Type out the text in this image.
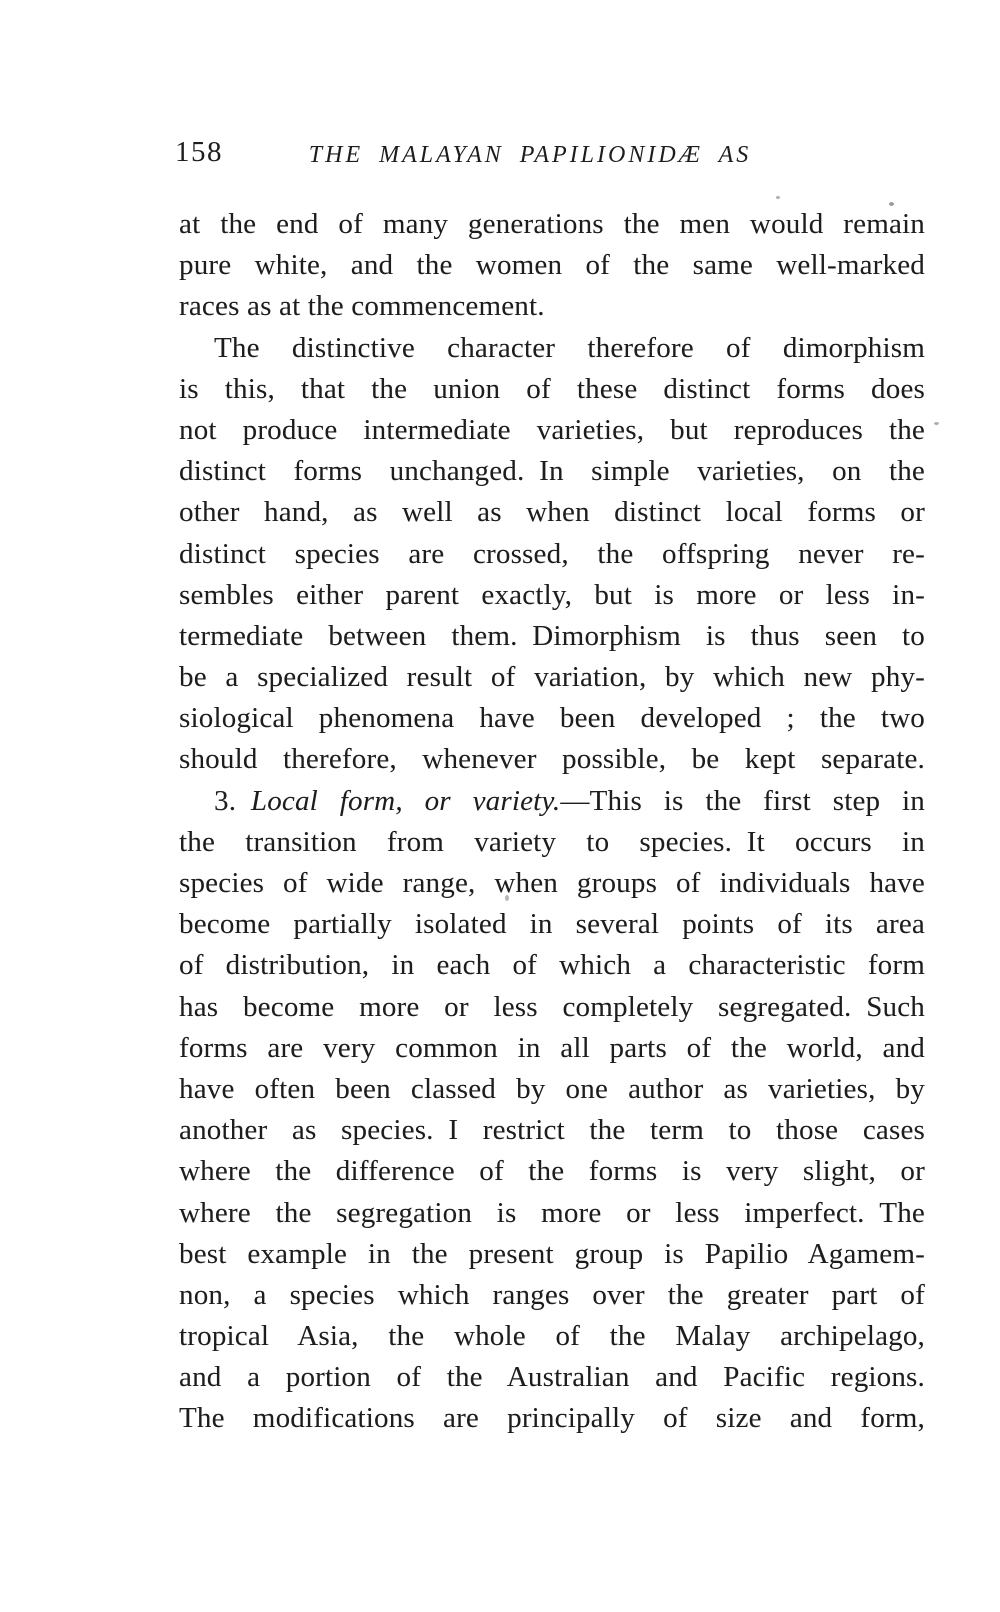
158	THE MALAYAN PAPILIONIDÆ AS
at the end of many generations the men would remain
pure white, and the women of the same well-marked
races as at the commencement.
The distinctive character therefore of dimorphism
is this, that the union of these distinct forms does
not produce intermediate varieties, but reproduces the
distinct forms unchanged. In simple varieties, on the
other hand, as well as when distinct local forms or
distinct species are crossed, the offspring never re-
sembles either parent exactly, but is more or less in-
termediate between them. Dimorphism is thus seen to
be a specialized result of variation, by which new phy-
siological phenomena have been developed ; the two
should therefore, whenever possible, be kept separate.
3. Local form, or variety.—This is the first step in
the transition from variety to species. It occurs in
species of wide range, when groups of individuals have
become partially isolated in several points of its area
of distribution, in each of which a characteristic form
has become more or less completely segregated. Such
forms are very common in all parts of the world, and
have often been classed by one author as varieties, by
another as species. I restrict the term to those cases
where the difference of the forms is very slight, or
where the segregation is more or less imperfect. The
best example in the present group is Papilio Agamem-
non, a species which ranges over the greater part of
tropical Asia, the whole of the Malay archipelago,
and a portion of the Australian and Pacific regions.
The modifications are principally of size and form,
